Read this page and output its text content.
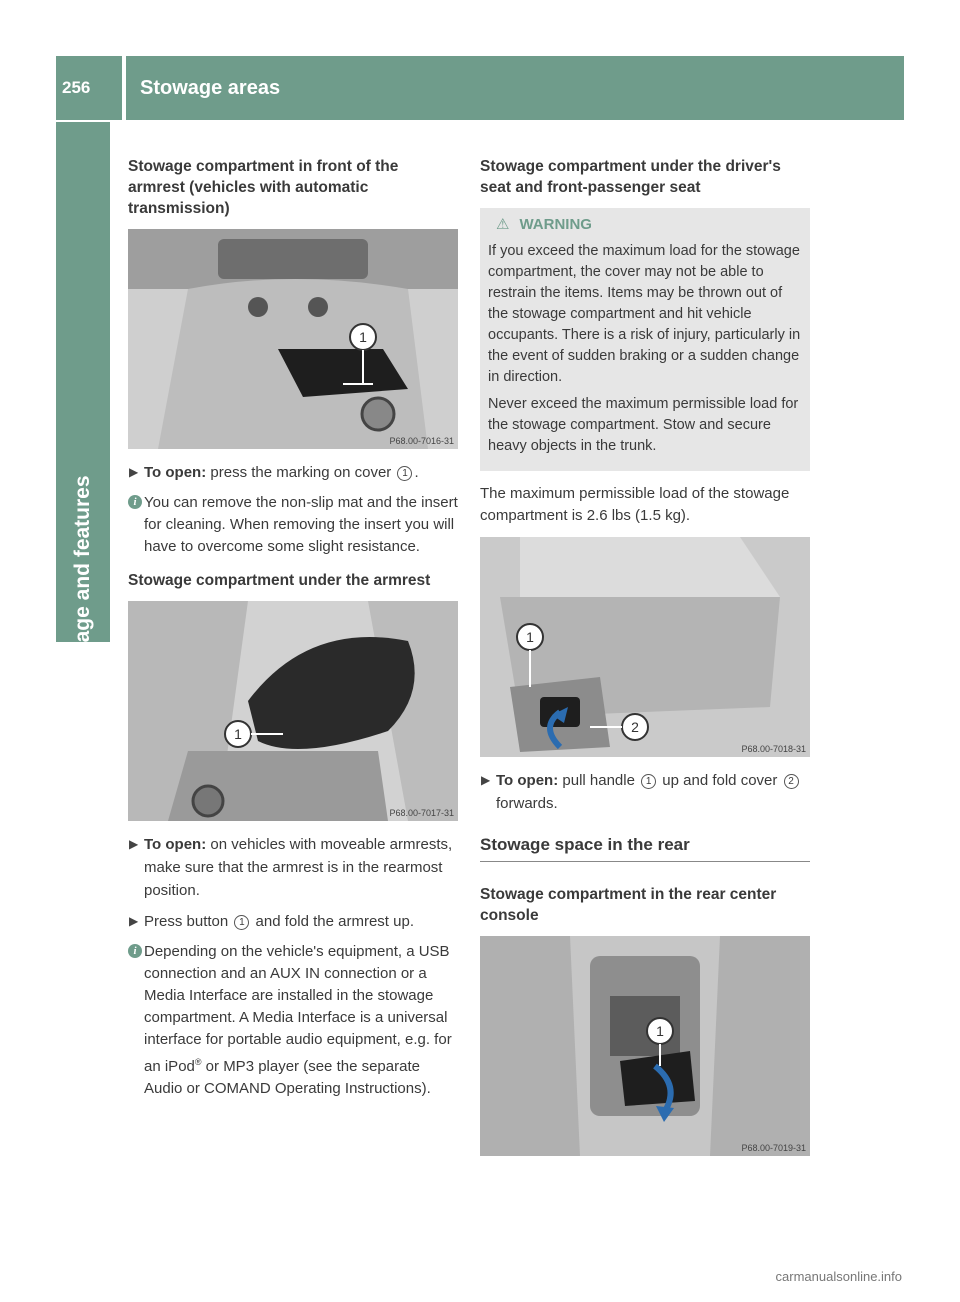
256	Stowage areas
Stowage and features
Stowage compartment in front of the armrest (vehicles with automatic transmission)
1
P68.00-7016-31
▶ To open: press the marking on cover 1 .
i You can remove the non-slip mat and the insert for cleaning. When removing the insert you will have to overcome some slight resistance.
Stowage compartment under the armrest
1
P68.00-7017-31
▶ To open: on vehicles with moveable armrests, make sure that the armrest is in the rearmost position.
▶ Press button 1 and fold the armrest up.
i Depending on the vehicle's equipment, a USB connection and an AUX IN connection or a Media Interface are installed in the stowage compartment. A Media Interface is a universal interface for portable audio equipment, e.g. for an iPod® or MP3 player (see the separate Audio or COMAND Operating Instructions).
Stowage compartment under the driver's seat and front-passenger seat
⚠ WARNING

If you exceed the maximum load for the stowage compartment, the cover may not be able to restrain the items. Items may be thrown out of the stowage compartment and hit vehicle occupants. There is a risk of injury, particularly in the event of sudden braking or a sudden change in direction.

Never exceed the maximum permissible load for the stowage compartment. Stow and secure heavy objects in the trunk.

The maximum permissible load of the stowage compartment is 2.6 lbs (1.5 kg).

1
2
P68.00-7018-31
▶ To open: pull handle 1 up and fold cover 2 forwards.
Stowage space in the rear
Stowage compartment in the rear center console
1
P68.00-7019-31
carmanualsonline.info
